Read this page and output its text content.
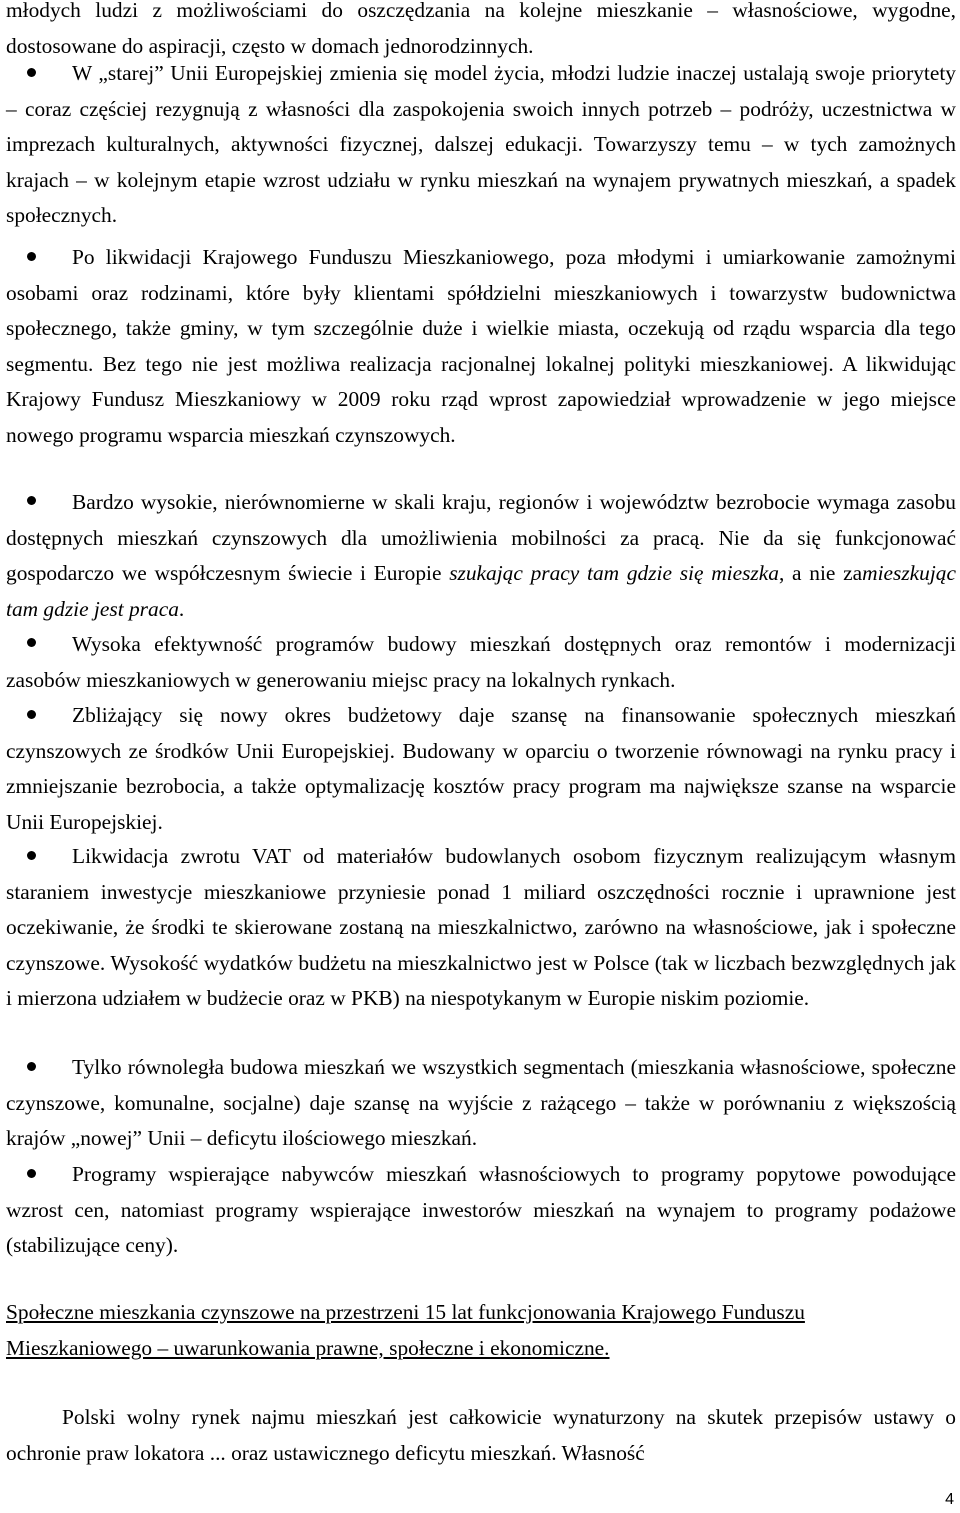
młodych ludzi z możliwościami do oszczędzania na kolejne mieszkanie – własnościowe, wygodne, dostosowane do aspiracji, często w domach jednorodzinnych.

W „starej” Unii Europejskiej zmienia się model życia, młodzi ludzie inaczej ustalają swoje priorytety – coraz częściej rezygnują z własności dla zaspokojenia swoich innych potrzeb – podróży, uczestnictwa w imprezach kulturalnych, aktywności fizycznej, dalszej edukacji. Towarzyszy temu – w tych zamożnych krajach – w kolejnym etapie wzrost udziału w rynku mieszkań na wynajem prywatnych mieszkań, a spadek społecznych.

Po likwidacji Krajowego Funduszu Mieszkaniowego, poza młodymi i umiarkowanie zamożnymi osobami oraz rodzinami, które były klientami spółdzielni mieszkaniowych i towarzystw budownictwa społecznego, także gminy, w tym szczególnie duże i wielkie miasta, oczekują od rządu wsparcia dla tego segmentu. Bez tego nie jest możliwa realizacja racjonalnej lokalnej polityki mieszkaniowej. A likwidując Krajowy Fundusz Mieszkaniowy w 2009 roku rząd wprost zapowiedział wprowadzenie w jego miejsce nowego programu wsparcia mieszkań czynszowych.

Bardzo wysokie, nierównomierne w skali kraju, regionów i województw bezrobocie wymaga zasobu dostępnych mieszkań czynszowych dla umożliwienia mobilności za pracą. Nie da się funkcjonować gospodarczo we współczesnym świecie i Europie szukając pracy tam gdzie się mieszka, a nie zamieszkując tam gdzie jest praca.

Wysoka efektywność programów budowy mieszkań dostępnych oraz remontów i modernizacji zasobów mieszkaniowych w generowaniu miejsc pracy na lokalnych rynkach.

Zbliżający się nowy okres budżetowy daje szansę na finansowanie społecznych mieszkań czynszowych ze środków Unii Europejskiej. Budowany w oparciu o tworzenie równowagi na rynku pracy i zmniejszanie bezrobocia, a także optymalizację kosztów pracy program ma największe szanse na wsparcie Unii Europejskiej.

Likwidacja zwrotu VAT od materiałów budowlanych osobom fizycznym realizującym własnym staraniem inwestycje mieszkaniowe przyniesie ponad 1 miliard oszczędności rocznie i uprawnione jest oczekiwanie, że środki te skierowane zostaną na mieszkalnictwo, zarówno na własnościowe, jak i społeczne czynszowe. Wysokość wydatków budżetu na mieszkalnictwo jest w Polsce (tak w liczbach bezwzględnych jak i mierzona udziałem w budżecie oraz w PKB) na niespotykanym w Europie niskim poziomie.

Tylko równoległa budowa mieszkań we wszystkich segmentach (mieszkania własnościowe, społeczne czynszowe, komunalne, socjalne) daje szansę na wyjście z rażącego – także w porównaniu z większością krajów „nowej” Unii – deficytu ilościowego mieszkań.

Programy wspierające nabywców mieszkań własnościowych to programy popytowe powodujące wzrost cen, natomiast programy wspierające inwestorów mieszkań na wynajem to programy podażowe (stabilizujące ceny).

Społeczne mieszkania czynszowe na przestrzeni 15 lat funkcjonowania Krajowego Funduszu Mieszkaniowego – uwarunkowania prawne, społeczne i ekonomiczne.

Polski wolny rynek najmu mieszkań jest całkowicie wynaturzony na skutek przepisów ustawy o ochronie praw lokatora ... oraz ustawicznego deficytu mieszkań. Własność

4
